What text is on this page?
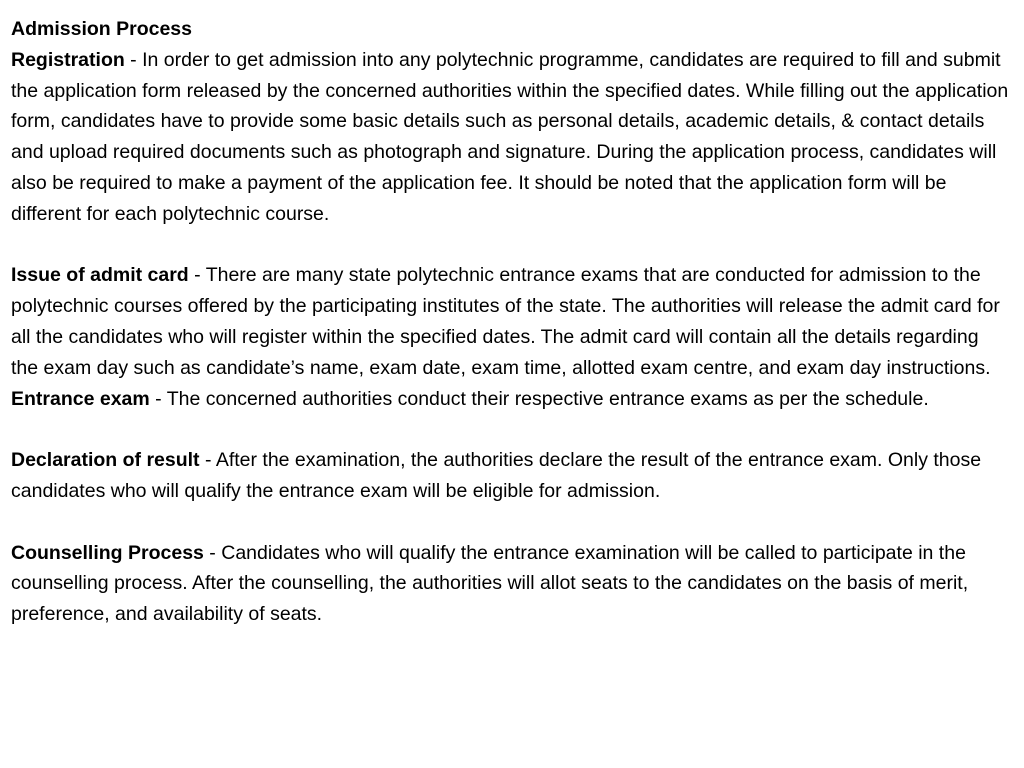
Admission Process

Registration - In order to get admission into any polytechnic programme, candidates are required to fill and submit the application form released by the concerned authorities within the specified dates. While filling out the application form, candidates have to provide some basic details such as personal details, academic details, & contact details and upload required documents such as photograph and signature. During the application process, candidates will also be required to make a payment of the application fee. It should be noted that the application form will be different for each polytechnic course.

Issue of admit card - There are many state polytechnic entrance exams that are conducted for admission to the polytechnic courses offered by the participating institutes of the state. The authorities will release the admit card for all the candidates who will register within the specified dates. The admit card will contain all the details regarding the exam day such as candidate’s name, exam date, exam time, allotted exam centre, and exam day instructions.

Entrance exam - The concerned authorities conduct their respective entrance exams as per the schedule.

Declaration of result - After the examination, the authorities declare the result of the entrance exam. Only those candidates who will qualify the entrance exam will be eligible for admission.

Counselling Process - Candidates who will qualify the entrance examination will be called to participate in the counselling process. After the counselling, the authorities will allot seats to the candidates on the basis of merit, preference, and availability of seats.
